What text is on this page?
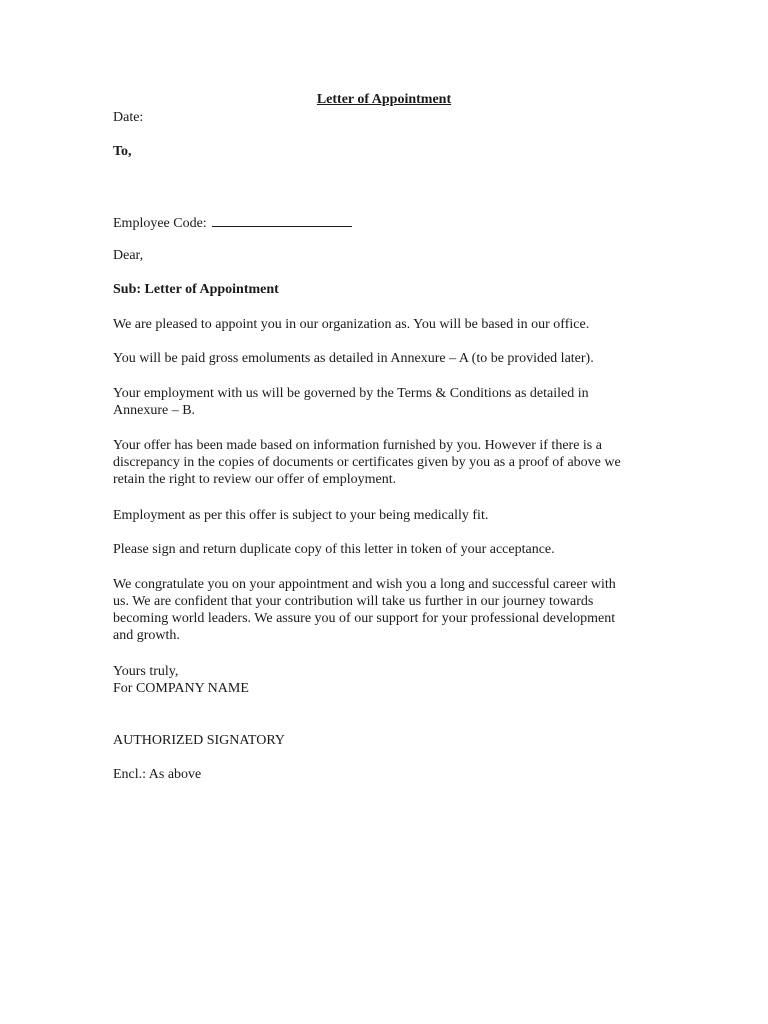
Letter of Appointment
Date:
To,
Employee Code:
Dear,
Sub: Letter of Appointment
We are pleased to appoint you in our organization as. You will be based in our office.
You will be paid gross emoluments as detailed in Annexure – A (to be provided later).
Your employment with us will be governed by the Terms & Conditions as detailed in
Annexure – B.
Your offer has been made based on information furnished by you. However if there is a
discrepancy in the copies of documents or certificates given by you as a proof of above we
retain the right to review our offer of employment.
Employment as per this offer is subject to your being medically fit.
Please sign and return duplicate copy of this letter in token of your acceptance.
We congratulate you on your appointment and wish you a long and successful career with
us. We are confident that your contribution will take us further in our journey towards
becoming world leaders. We assure you of our support for your professional development
and growth.
Yours truly,
For COMPANY NAME
AUTHORIZED SIGNATORY
Encl.: As above
